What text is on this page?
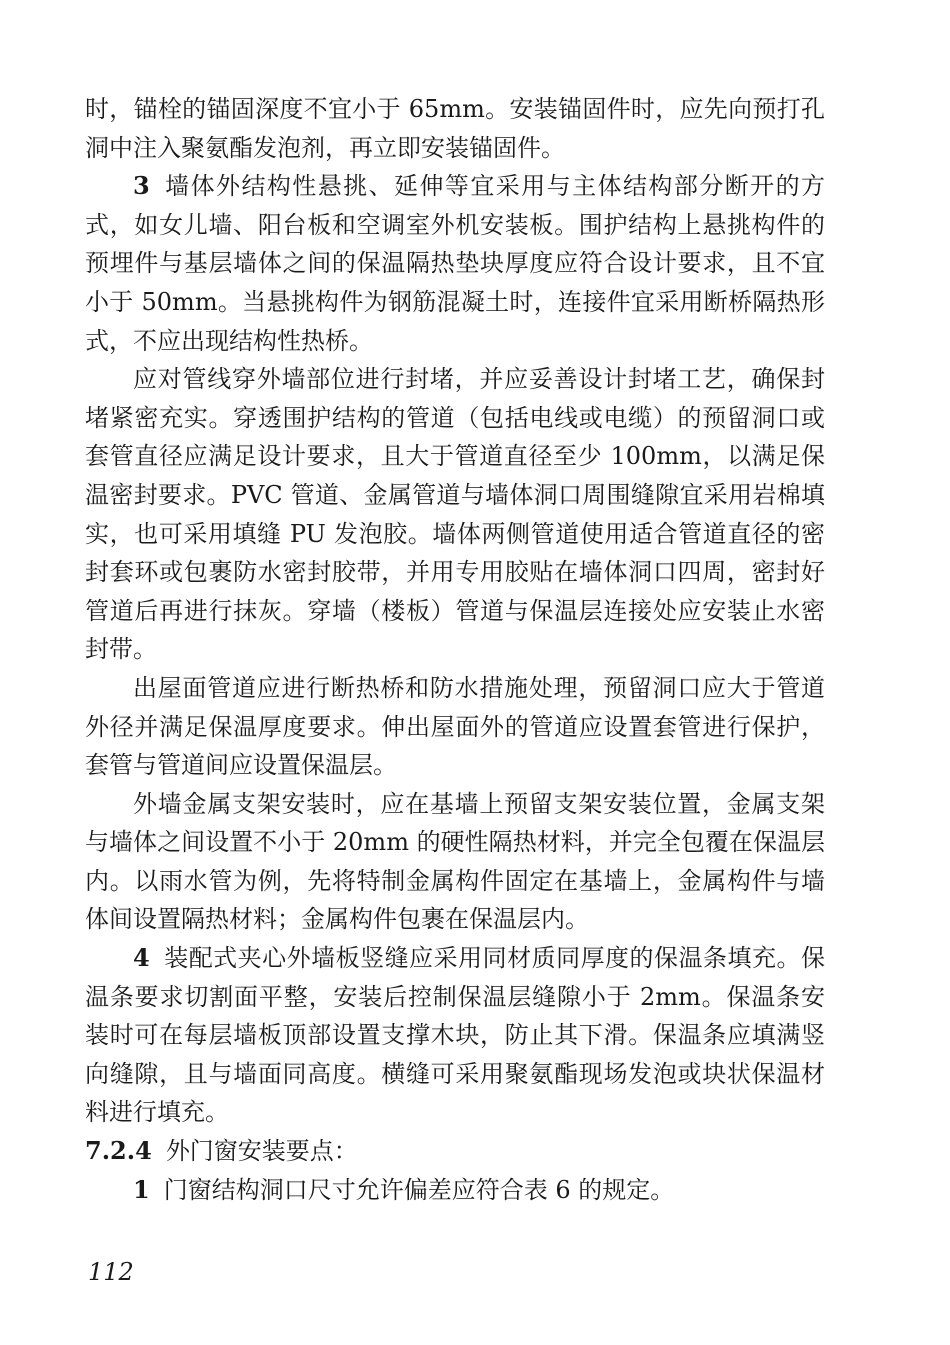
时，锚栓的锚固深度不宜小于 65mm。安装锚固件时，应先向预打孔洞中注入聚氨酯发泡剂，再立即安装锚固件。

3 墙体外结构性悬挑、延伸等宜采用与主体结构部分断开的方式，如女儿墙、阳台板和空调室外机安装板。围护结构上悬挑构件的预埋件与基层墙体之间的保温隔热垫块厚度应符合设计要求，且不宜小于 50mm。当悬挑构件为钢筋混凝土时，连接件宜采用断桥隔热形式，不应出现结构性热桥。

应对管线穿外墙部位进行封堵，并应妥善设计封堵工艺，确保封堵紧密充实。穿透围护结构的管道（包括电线或电缆）的预留洞口或套管直径应满足设计要求，且大于管道直径至少 100mm，以满足保温密封要求。PVC 管道、金属管道与墙体洞口周围缝隙宜采用岩棉填实，也可采用填缝 PU 发泡胶。墙体两侧管道使用适合管道直径的密封套环或包裹防水密封胶带，并用专用胶贴在墙体洞口四周，密封好管道后再进行抹灰。穿墙（楼板）管道与保温层连接处应安装止水密封带。

出屋面管道应进行断热桥和防水措施处理，预留洞口应大于管道外径并满足保温厚度要求。伸出屋面外的管道应设置套管进行保护，套管与管道间应设置保温层。

外墙金属支架安装时，应在基墙上预留支架安装位置，金属支架与墙体之间设置不小于 20mm 的硬性隔热材料，并完全包覆在保温层内。以雨水管为例，先将特制金属构件固定在基墙上，金属构件与墙体间设置隔热材料；金属构件包裹在保温层内。

4 装配式夹心外墙板竖缝应采用同材质同厚度的保温条填充。保温条要求切割面平整，安装后控制保温层缝隙小于 2mm。保温条安装时可在每层墙板顶部设置支撑木块，防止其下滑。保温条应填满竖向缝隙，且与墙面同高度。横缝可采用聚氨酯现场发泡或块状保温材料进行填充。

7.2.4 外门窗安装要点：

1 门窗结构洞口尺寸允许偏差应符合表 6 的规定。

112
